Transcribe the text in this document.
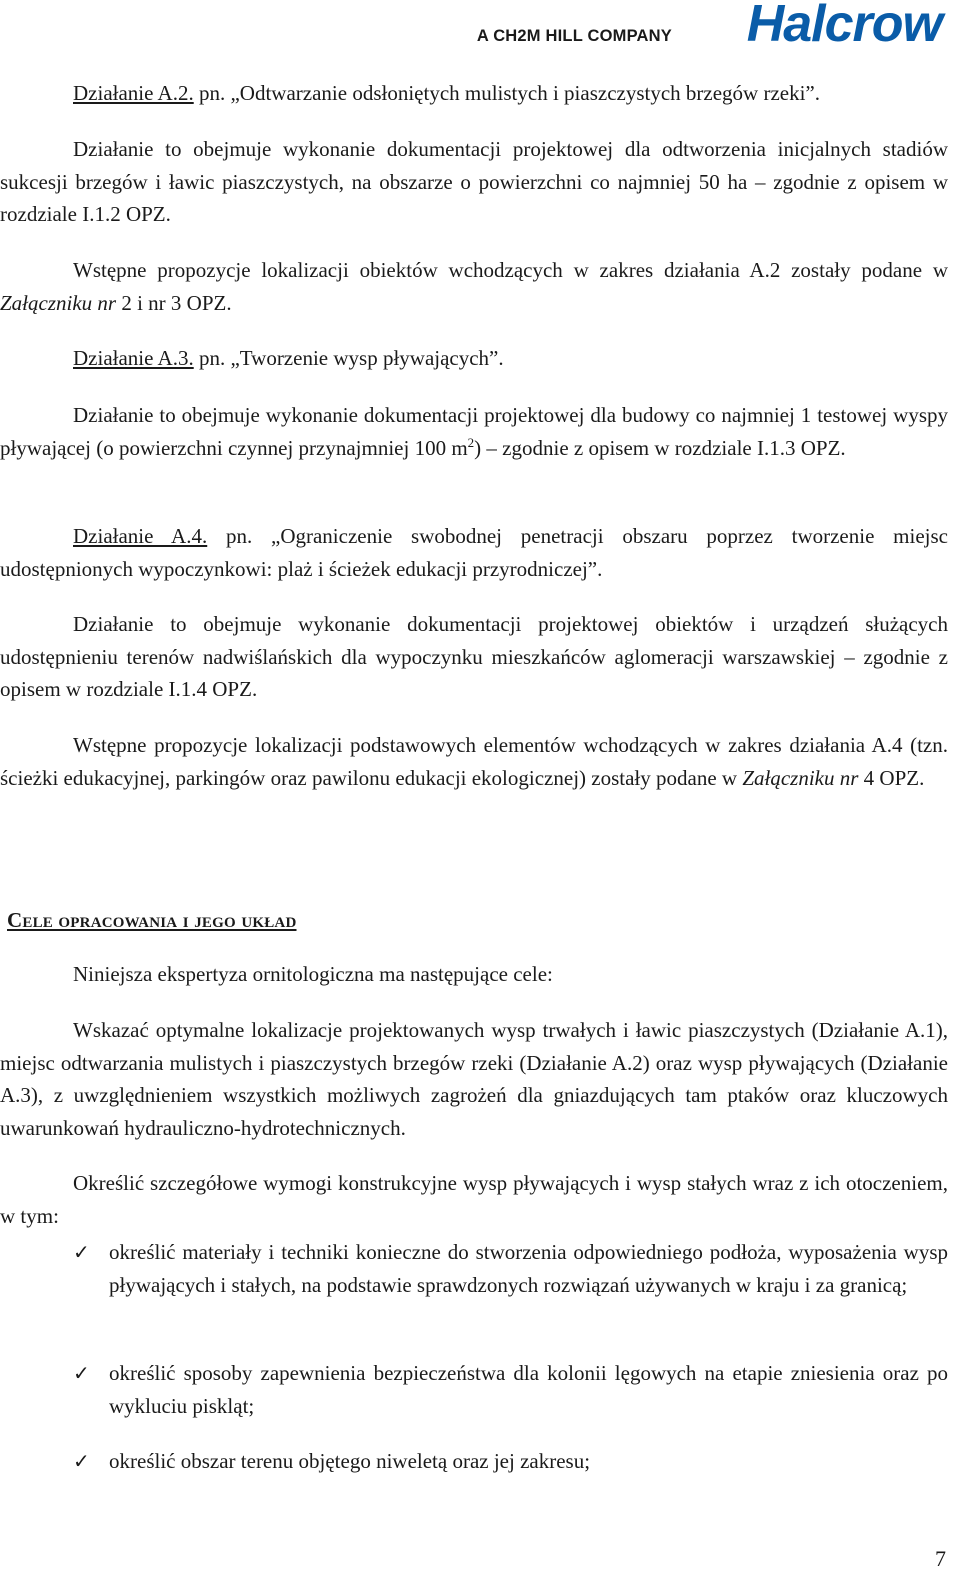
A CH2M HILL COMPANY Halcrow

Działanie A.2. pn. „Odtwarzanie odsłoniętych mulistych i piaszczystych brzegów rzeki”.

Działanie to obejmuje wykonanie dokumentacji projektowej dla odtworzenia inicjalnych stadiów sukcesji brzegów i ławic piaszczystych, na obszarze o powierzchni co najmniej 50 ha – zgodnie z opisem w rozdziale I.1.2 OPZ.

Wstępne propozycje lokalizacji obiektów wchodzących w zakres działania A.2 zostały podane w Załączniku nr 2 i nr 3 OPZ.

Działanie A.3. pn. „Tworzenie wysp pływających”.

Działanie to obejmuje wykonanie dokumentacji projektowej dla budowy co najmniej 1 testowej wyspy pływającej (o powierzchni czynnej przynajmniej 100 $m^2$) – zgodnie z opisem w rozdziale I.1.3 OPZ.

Działanie A.4. pn. „Ograniczenie swobodnej penetracji obszaru poprzez tworzenie miejsc udostępnionych wypoczynkowi: plaż i ścieżek edukacji przyrodniczej”.

Działanie to obejmuje wykonanie dokumentacji projektowej obiektów i urządzeń służących udostępnieniu terenów nadwiślańskich dla wypoczynku mieszkańców aglomeracji warszawskiej – zgodnie z opisem w rozdziale I.1.4 OPZ.

Wstępne propozycje lokalizacji podstawowych elementów wchodzących w zakres działania A.4 (tzn. ścieżki edukacyjnej, parkingów oraz pawilonu edukacji ekologicznej) zostały podane w Załączniku nr 4 OPZ.

Cele opracowania i jego układ

Niniejsza ekspertyza ornitologiczna ma następujące cele:

Wskazać optymalne lokalizacje projektowanych wysp trwałych i ławic piaszczystych (Działanie A.1), miejsc odtwarzania mulistych i piaszczystych brzegów rzeki (Działanie A.2) oraz wysp pływających (Działanie A.3), z uwzględnieniem wszystkich możliwych zagrożeń dla gniazdujących tam ptaków oraz kluczowych uwarunkowań hydrauliczno-hydrotechnicznych.

Określić szczegółowe wymogi konstrukcyjne wysp pływających i wysp stałych wraz z ich otoczeniem, w tym:

✓ określić materiały i techniki konieczne do stworzenia odpowiedniego podłoża, wyposażenia wysp pływających i stałych, na podstawie sprawdzonych rozwiązań używanych w kraju i za granicą;
✓ określić sposoby zapewnienia bezpieczeństwa dla kolonii lęgowych na etapie zniesienia oraz po wykluciu piskląt;
✓ określić obszar terenu objętego niweletą oraz jej zakresu;
7
